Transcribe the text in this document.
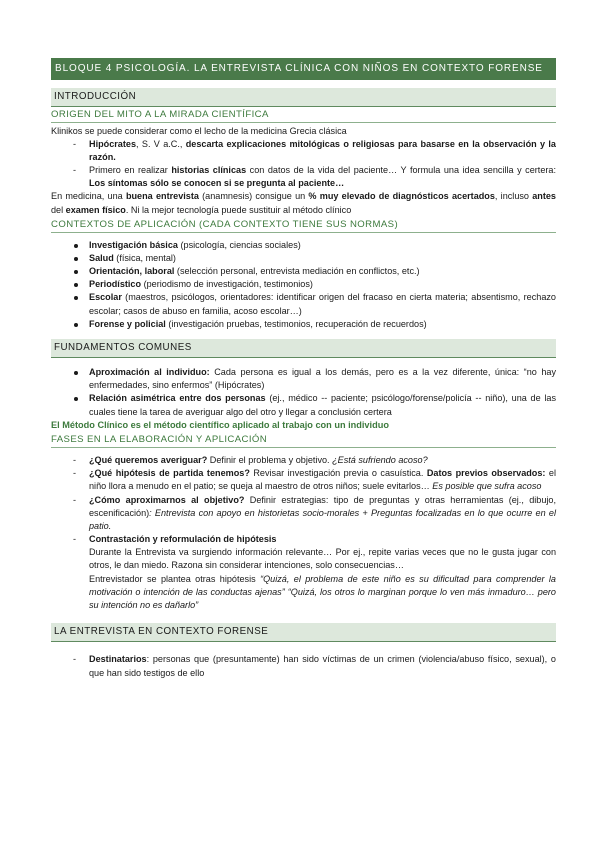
BLOQUE 4 PSICOLOGÍA. LA ENTREVISTA CLÍNICA CON NIÑOS EN CONTEXTO FORENSE
INTRODUCCIÓN
ORIGEN DEL MITO A LA MIRADA CIENTÍFICA

Klinikos se puede considerar como el lecho de la medicina Grecia clásica

- Hipócrates, S. V a.C., descarta explicaciones mitológicas o religiosas para basarse en la observación y la razón.
- Primero en realizar historias clínicas con datos de la vida del paciente… Y formula una idea sencilla y certera: Los síntomas sólo se conocen si se pregunta al paciente…

En medicina, una buena entrevista (anamnesis) consigue un % muy elevado de diagnósticos acertados, incluso antes del examen físico. Ni la mejor tecnología puede sustituir al método clínico

CONTEXTOS DE APLICACIÓN (CADA CONTEXTO TIENE SUS NORMAS)
Investigación básica (psicología, ciencias sociales)
Salud (física, mental)
Orientación, laboral (selección personal, entrevista mediación en conflictos, etc.)
Periodístico (periodismo de investigación, testimonios)
Escolar (maestros, psicólogos, orientadores: identificar origen del fracaso en cierta materia; absentismo, rechazo escolar; casos de abuso en familia, acoso escolar…)
Forense y policial (investigación pruebas, testimonios, recuperación de recuerdos)
FUNDAMENTOS COMUNES
Aproximación al individuo: Cada persona es igual a los demás, pero es a la vez diferente, única: “no hay enfermedades, sino enfermos” (Hipócrates)
Relación asimétrica entre dos personas (ej., médico -- paciente; psicólogo/forense/policía -- niño), una de las cuales tiene la tarea de averiguar algo del otro y llegar a conclusión certera
El Método Clínico es el método científico aplicado al trabajo con un individuo
FASES EN LA ELABORACIÓN Y APLICACIÓN
- ¿Qué queremos averiguar? Definir el problema y objetivo. ¿Está sufriendo acoso?
- ¿Qué hipótesis de partida tenemos? Revisar investigación previa o casuística. Datos previos observados: el niño llora a menudo en el patio; se queja al maestro de otros niños; suele evitarlos… Es posible que sufra acoso
- ¿Cómo aproximarnos al objetivo? Definir estrategias: tipo de preguntas y otras herramientas (ej., dibujo, escenificación): Entrevista con apoyo en historietas socio-morales + Preguntas focalizadas en lo que ocurre en el patio.
- Contrastación y reformulación de hipótesis
Durante la Entrevista va surgiendo información relevante… Por ej., repite varias veces que no le gusta jugar con otros, le dan miedo. Razona sin considerar intenciones, solo consecuencias…
Entrevistador se plantea otras hipótesis “Quizá, el problema de este niño es su dificultad para comprender la motivación o intención de las conductas ajenas” “Quizá, los otros lo marginan porque lo ven más inmaduro… pero su intención no es dañarlo”
LA ENTREVISTA EN CONTEXTO FORENSE
- Destinatarios: personas que (presuntamente) han sido víctimas de un crimen (violencia/abuso físico, sexual), o que han sido testigos de ello
